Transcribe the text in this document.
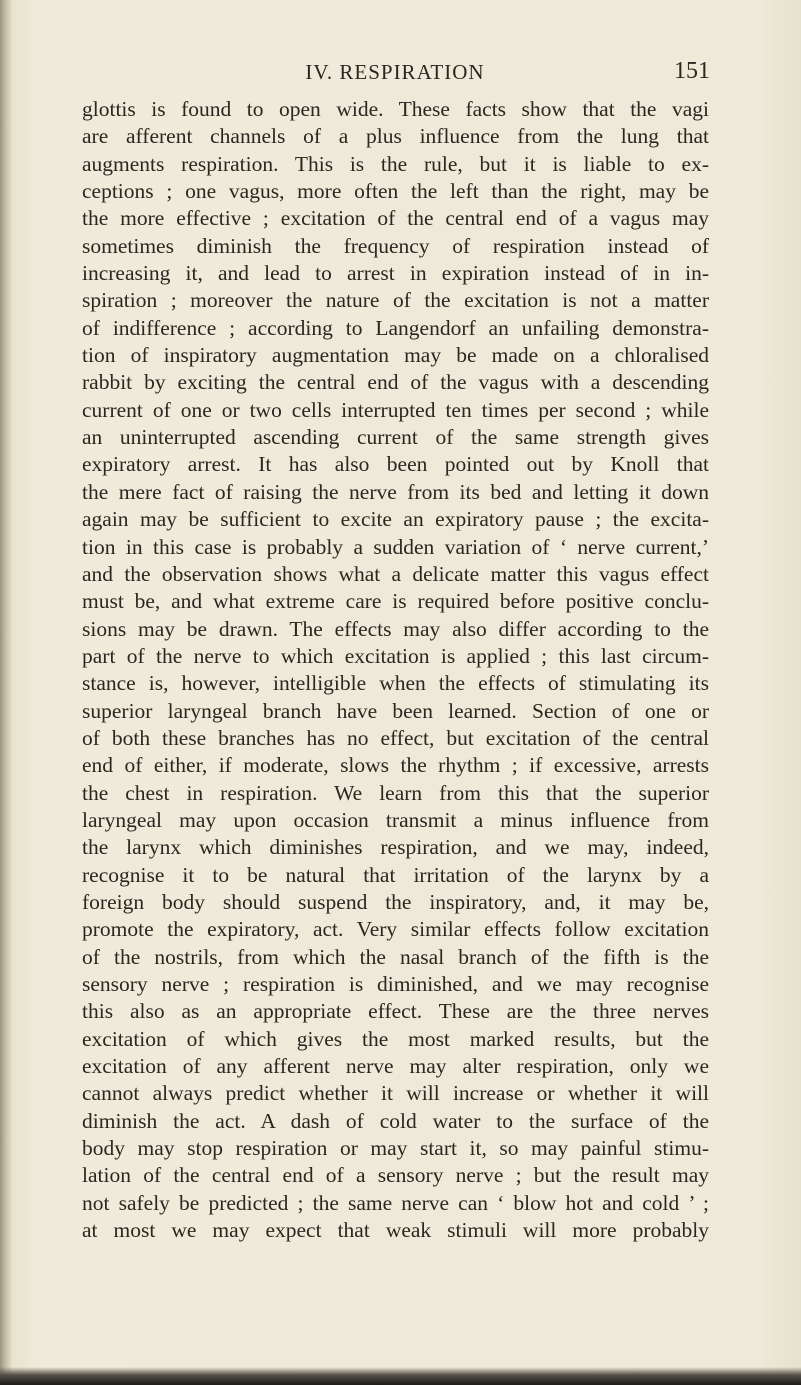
IV. RESPIRATION	151
glottis is found to open wide. These facts show that the vagi
are afferent channels of a plus influence from the lung that
augments respiration. This is the rule, but it is liable to ex-
ceptions ; one vagus, more often the left than the right, may be
the more effective ; excitation of the central end of a vagus may
sometimes diminish the frequency of respiration instead of
increasing it, and lead to arrest in expiration instead of in in-
spiration ; moreover the nature of the excitation is not a matter
of indifference ; according to Langendorf an unfailing demonstra-
tion of inspiratory augmentation may be made on a chloralised
rabbit by exciting the central end of the vagus with a descending
current of one or two cells interrupted ten times per second ; while
an uninterrupted ascending current of the same strength gives
expiratory arrest. It has also been pointed out by Knoll that
the mere fact of raising the nerve from its bed and letting it down
again may be sufficient to excite an expiratory pause ; the excita-
tion in this case is probably a sudden variation of ‘ nerve current,’
and the observation shows what a delicate matter this vagus effect
must be, and what extreme care is required before positive conclu-
sions may be drawn. The effects may also differ according to the
part of the nerve to which excitation is applied ; this last circum-
stance is, however, intelligible when the effects of stimulating its
superior laryngeal branch have been learned. Section of one or
of both these branches has no effect, but excitation of the central
end of either, if moderate, slows the rhythm ; if excessive, arrests
the chest in respiration. We learn from this that the superior
laryngeal may upon occasion transmit a minus influence from
the larynx which diminishes respiration, and we may, indeed,
recognise it to be natural that irritation of the larynx by a
foreign body should suspend the inspiratory, and, it may be,
promote the expiratory, act. Very similar effects follow excitation
of the nostrils, from which the nasal branch of the fifth is the
sensory nerve ; respiration is diminished, and we may recognise
this also as an appropriate effect. These are the three nerves
excitation of which gives the most marked results, but the
excitation of any afferent nerve may alter respiration, only we
cannot always predict whether it will increase or whether it will
diminish the act. A dash of cold water to the surface of the
body may stop respiration or may start it, so may painful stimu-
lation of the central end of a sensory nerve ; but the result may
not safely be predicted ; the same nerve can ‘ blow hot and cold ’ ;
at most we may expect that weak stimuli will more probably
